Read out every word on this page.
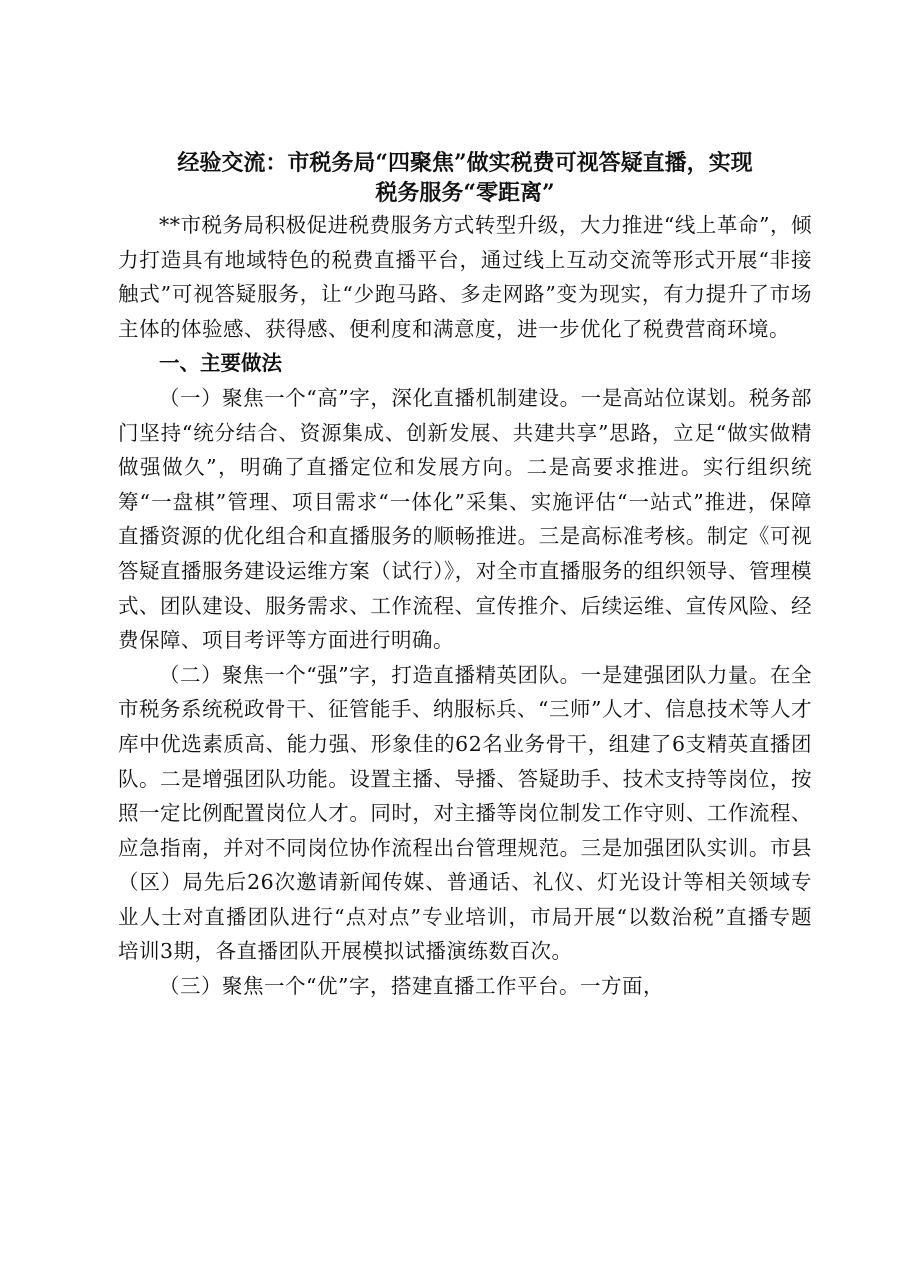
经验交流：市税务局“四聚焦”做实税费可视答疑直播，实现
税务服务“零距离”

**市税务局积极促进税费服务方式转型升级，大力推进“线上革命”，倾力打造具有地域特色的税费直播平台，通过线上互动交流等形式开展“非接触式”可视答疑服务，让“少跑马路、多走网路”变为现实，有力提升了市场主体的体验感、获得感、便利度和满意度，进一步优化了税费营商环境。

一、主要做法

（一）聚焦一个“高”字，深化直播机制建设。一是高站位谋划。税务部门坚持“统分结合、资源集成、创新发展、共建共享”思路，立足“做实做精做强做久”，明确了直播定位和发展方向。二是高要求推进。实行组织统筹“一盘棋”管理、项目需求“一体化”采集、实施评估“一站式”推进，保障直播资源的优化组合和直播服务的顺畅推进。三是高标准考核。制定《可视答疑直播服务建设运维方案（试行）》，对全市直播服务的组织领导、管理模式、团队建设、服务需求、工作流程、宣传推介、后续运维、宣传风险、经费保障、项目考评等方面进行明确。

（二）聚焦一个“强”字，打造直播精英团队。一是建强团队力量。在全市税务系统税政骨干、征管能手、纳服标兵、“三师”人才、信息技术等人才库中优选素质高、能力强、形象佳的62名业务骨干，组建了6支精英直播团队。二是增强团队功能。设置主播、导播、答疑助手、技术支持等岗位，按照一定比例配置岗位人才。同时，对主播等岗位制发工作守则、工作流程、应急指南，并对不同岗位协作流程出台管理规范。三是加强团队实训。市县（区）局先后26次邀请新闻传媒、普通话、礼仪、灯光设计等相关领域专业人士对直播团队进行“点对点”专业培训，市局开展“以数治税”直播专题培训3期，各直播团队开展模拟试播演练数百次。

（三）聚焦一个“优”字，搭建直播工作平台。一方面，
